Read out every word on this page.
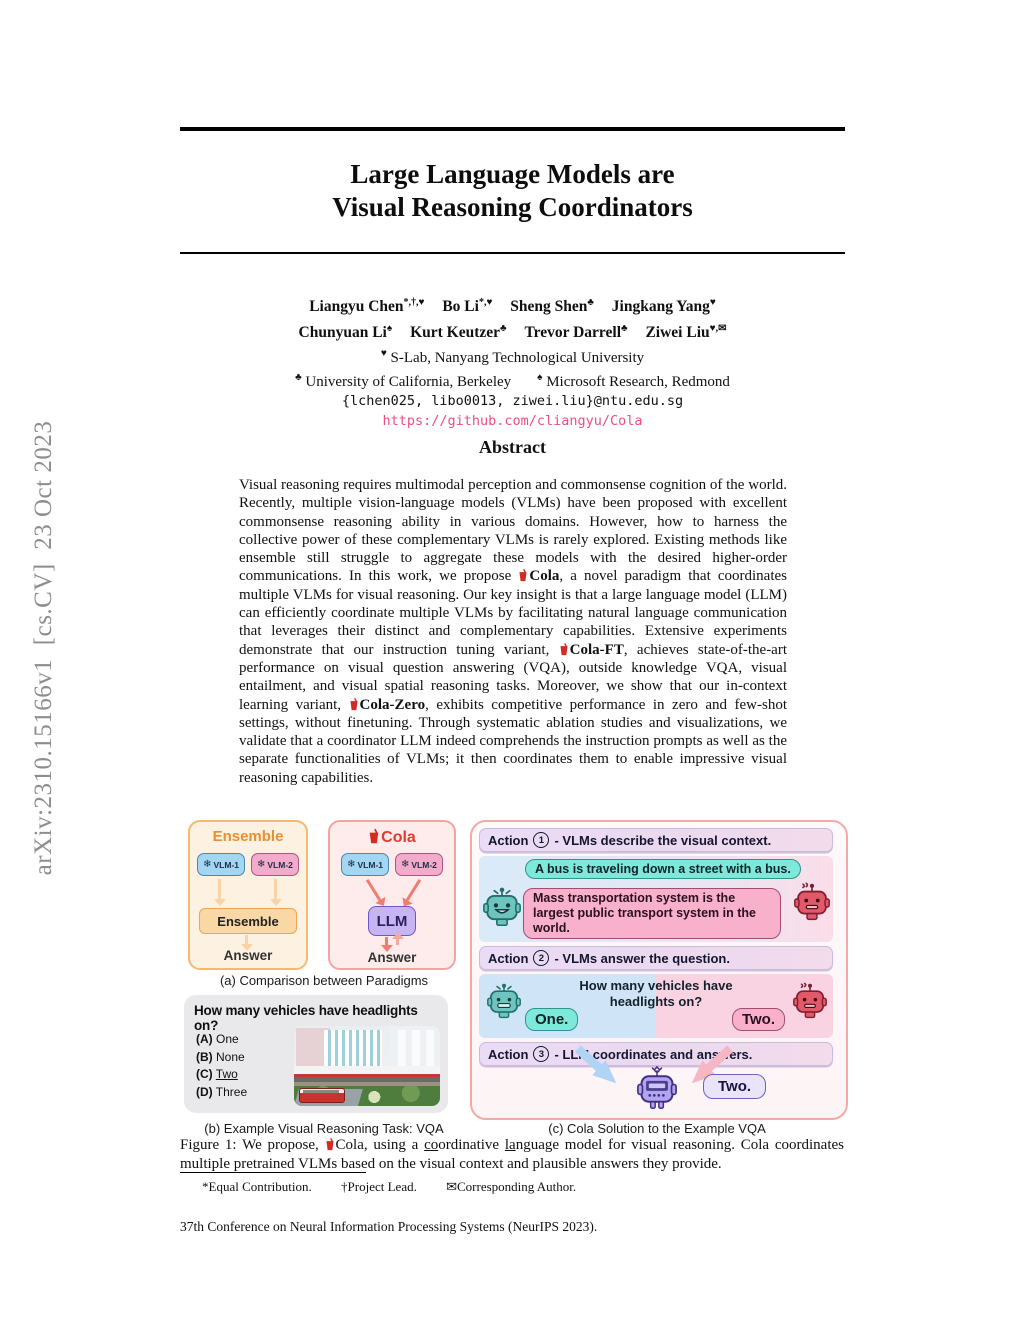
arXiv:2310.15166v1  [cs.CV]  23 Oct 2023
Large Language Models are
Visual Reasoning Coordinators
Liangyu Chen*,†,♥ Bo Li*,♥ Sheng Shen♣ Jingkang Yang♥
Chunyuan Li♠ Kurt Keutzer♣ Trevor Darrell♣ Ziwei Liu♥,✉
♥ S-Lab, Nanyang Technological University
♣ University of California, Berkeley	♠ Microsoft Research, Redmond
{lchen025, libo0013, ziwei.liu}@ntu.edu.sg
https://github.com/cliangyu/Cola
Abstract
Visual reasoning requires multimodal perception and commonsense cognition of the world. Recently, multiple vision-language models (VLMs) have been proposed with excellent commonsense reasoning ability in various domains. However, how to harness the collective power of these complementary VLMs is rarely explored. Existing methods like ensemble still struggle to aggregate these models with the desired higher-order communications. In this work, we propose Cola, a novel paradigm that coordinates multiple VLMs for visual reasoning. Our key insight is that a large language model (LLM) can efficiently coordinate multiple VLMs by facilitating natural language communication that leverages their distinct and complementary capabilities. Extensive experiments demonstrate that our instruction tuning variant, Cola-FT, achieves state-of-the-art performance on visual question answering (VQA), outside knowledge VQA, visual entailment, and visual spatial reasoning tasks. Moreover, we show that our in-context learning variant, Cola-Zero, exhibits competitive performance in zero and few-shot settings, without finetuning. Through systematic ablation studies and visualizations, we validate that a coordinator LLM indeed comprehends the instruction prompts as well as the separate functionalities of VLMs; it then coordinates them to enable impressive visual reasoning capabilities.
Ensemble
❄ VLM-1 ❄ VLM-2
Ensemble
Answer
Cola
❄ VLM-1 ❄ VLM-2
LLM
Answer
(a) Comparison between Paradigms
How many vehicles have headlights on?
(A) One
(B) None
(C) Two
(D) Three
(b) Example Visual Reasoning Task: VQA
Action	1 - VLMs describe the visual context.
A bus is traveling down a street with a bus.
Mass transportation system is the largest public transport system in the world.
Action	2 - VLMs answer the question.
How many vehicles have
headlights on?
One.	Two.
Action	3 - LLM coordinates and answers.
Two.
(c) Cola Solution to the Example VQA
Figure 1: We propose, Cola, using a coordinative language model for visual reasoning. Cola coordinates multiple pretrained VLMs based on the visual context and plausible answers they provide.
*Equal Contribution. †Project Lead. ✉Corresponding Author.
37th Conference on Neural Information Processing Systems (NeurIPS 2023).
